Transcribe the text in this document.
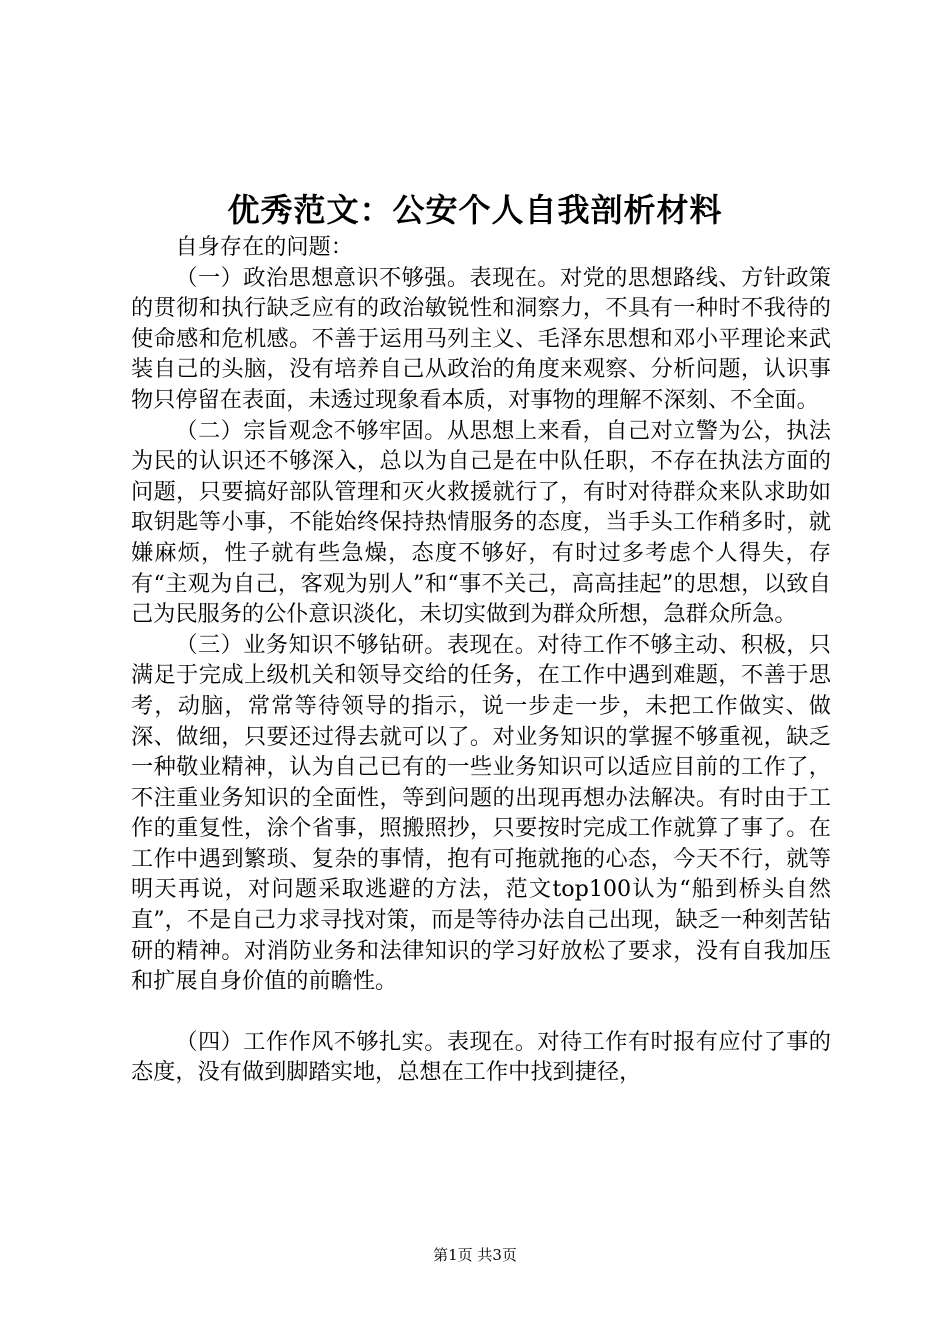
优秀范文：公安个人自我剖析材料

自身存在的问题：

（一）政治思想意识不够强。表现在。对党的思想路线、方针政策的贯彻和执行缺乏应有的政治敏锐性和洞察力，不具有一种时不我待的使命感和危机感。不善于运用马列主义、毛泽东思想和邓小平理论来武装自己的头脑，没有培养自己从政治的角度来观察、分析问题，认识事物只停留在表面，未透过现象看本质，对事物的理解不深刻、不全面。

（二）宗旨观念不够牢固。从思想上来看，自己对立警为公，执法为民的认识还不够深入，总以为自己是在中队任职，不存在执法方面的问题，只要搞好部队管理和灭火救援就行了，有时对待群众来队求助如取钥匙等小事，不能始终保持热情服务的态度，当手头工作稍多时，就嫌麻烦，性子就有些急燥，态度不够好，有时过多考虑个人得失，存有“主观为自己，客观为别人”和“事不关己，高高挂起”的思想，以致自己为民服务的公仆意识淡化，未切实做到为群众所想，急群众所急。

（三）业务知识不够钻研。表现在。对待工作不够主动、积极，只满足于完成上级机关和领导交给的任务，在工作中遇到难题，不善于思考，动脑，常常等待领导的指示，说一步走一步，未把工作做实、做深、做细，只要还过得去就可以了。对业务知识的掌握不够重视，缺乏一种敬业精神，认为自己已有的一些业务知识可以适应目前的工作了，不注重业务知识的全面性，等到问题的出现再想办法解决。有时由于工作的重复性，涂个省事，照搬照抄，只要按时完成工作就算了事了。在工作中遇到繁琐、复杂的事情，抱有可拖就拖的心态，今天不行，就等明天再说，对问题采取逃避的方法，范文top100认为“船到桥头自然直”，不是自己力求寻找对策，而是等待办法自己出现，缺乏一种刻苦钻研的精神。对消防业务和法律知识的学习好放松了要求，没有自我加压和扩展自身价值的前瞻性。

（四）工作作风不够扎实。表现在。对待工作有时报有应付了事的态度，没有做到脚踏实地，总想在工作中找到捷径，

第1页 共3页
